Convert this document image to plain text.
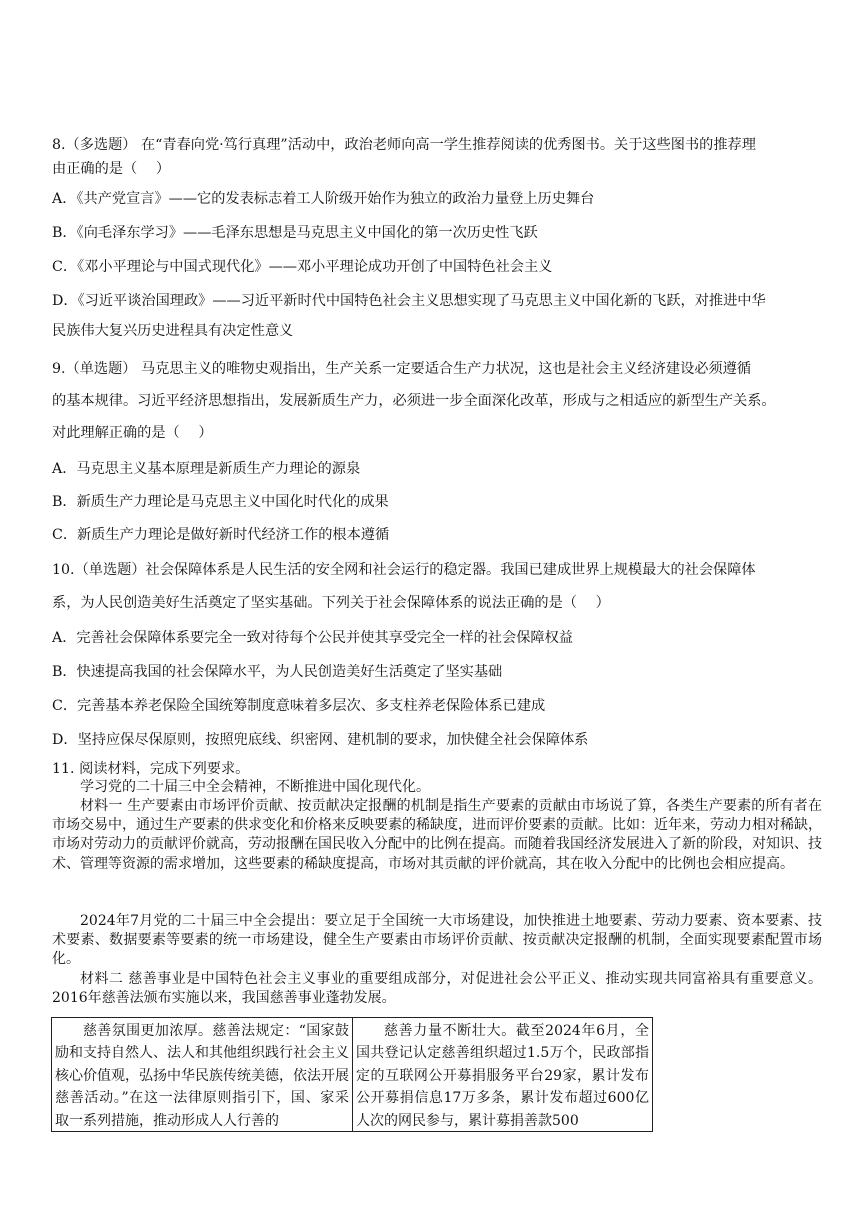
8.（多选题） 在“青春向党·笃行真理”活动中，政治老师向高一学生推荐阅读的优秀图书。关于这些图书的推荐理
由正确的是（　 ）
A．《共产党宣言》——它的发表标志着工人阶级开始作为独立的政治力量登上历史舞台
B．《向毛泽东学习》——毛泽东思想是马克思主义中国化的第一次历史性飞跃
C．《邓小平理论与中国式现代化》——邓小平理论成功开创了中国特色社会主义
D．《习近平谈治国理政》——习近平新时代中国特色社会主义思想实现了马克思主义中国化新的飞跃，对推进中华
民族伟大复兴历史进程具有决定性意义
9.（单选题） 马克思主义的唯物史观指出，生产关系一定要适合生产力状况，这也是社会主义经济建设必须遵循
的基本规律。习近平经济思想指出，发展新质生产力，必须进一步全面深化改革，形成与之相适应的新型生产关系。
对此理解正确的是（　 ）
A．马克思主义基本原理是新质生产力理论的源泉
B．新质生产力理论是马克思主义中国化时代化的成果
C．新质生产力理论是做好新时代经济工作的根本遵循
10.（单选题）社会保障体系是人民生活的安全网和社会运行的稳定器。我国已建成世界上规模最大的社会保障体
系，为人民创造美好生活奠定了坚实基础。下列关于社会保障体系的说法正确的是（　 ）
A．完善社会保障体系要完全一致对待每个公民并使其享受完全一样的社会保障权益
B．快速提高我国的社会保障水平，为人民创造美好生活奠定了坚实基础
C．完善基本养老保险全国统筹制度意味着多层次、多支柱养老保险体系已建成
D．坚持应保尽保原则，按照兜底线、织密网、建机制的要求，加快健全社会保障体系
11. 阅读材料，完成下列要求。
学习党的二十届三中全会精神，不断推进中国化现代化。
材料一 生产要素由市场评价贡献、按贡献决定报酬的机制是指生产要素的贡献由市场说了算，各类生产要素的所有者在市场交易中，通过生产要素的供求变化和价格来反映要素的稀缺度，进而评价要素的贡献。比如：近年来，劳动力相对稀缺，市场对劳动力的贡献评价就高，劳动报酬在国民收入分配中的比例在提高。而随着我国经济发展进入了新的阶段，对知识、技术、管理等资源的需求增加，这些要素的稀缺度提高，市场对其贡献的评价就高，其在收入分配中的比例也会相应提高。
2024年7月党的二十届三中全会提出：要立足于全国统一大市场建设，加快推进土地要素、劳动力要素、资本要素、技术要素、数据要素等要素的统一市场建设，健全生产要素由市场评价贡献、按贡献决定报酬的机制，全面实现要素配置市场化。
材料二 慈善事业是中国特色社会主义事业的重要组成部分，对促进社会公平正义、推动实现共同富裕具有重要意义。2016年慈善法颁布实施以来，我国慈善事业蓬勃发展。
慈善氛围更加浓厚。慈善法规定：“国家鼓励和支持自然人、法人和其他组织践行社会主义核心价值观，弘扬中华民族传统美德，依法开展慈善活动。”在这一法律原则指引下，国、家采取一系列措施，推动形成人人行善的
慈善力量不断壮大。截至2024年6月，全国共登记认定慈善组织超过1.5万个，民政部指定的互联网公开募捐服务平台29家，累计发布公开募捐信息17万多条，累计发布超过600亿人次的网民参与，累计募捐善款500
